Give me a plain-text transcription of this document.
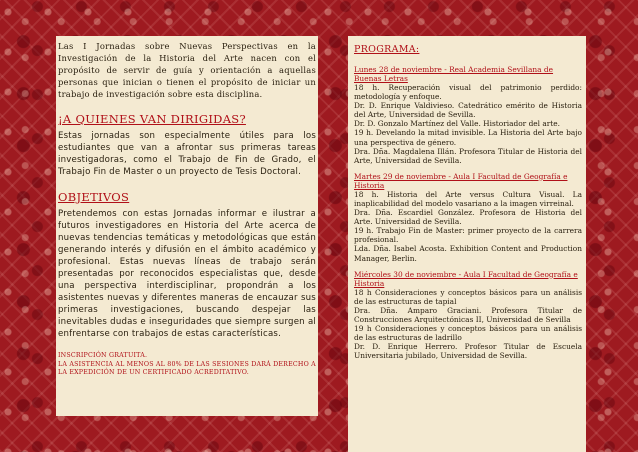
Las I Jornadas sobre Nuevas Perspectivas en la Investigación de la Historia del Arte nacen con el propósito de servir de guía y orientación a aquellas personas que inician o tienen el propósito de iniciar un trabajo de investigación sobre esta disciplina.

¡A QUIENES VAN DIRIGIDAS?

Estas jornadas son especialmente útiles para los estudiantes que van a afrontar sus primeras tareas investigadoras, como el Trabajo de Fin de Grado, el Trabajo Fin de Master o un proyecto de Tesis Doctoral.

OBJETIVOS

Pretendemos con estas Jornadas informar e ilustrar a futuros investigadores en Historia del Arte acerca de nuevas tendencias temáticas y metodológicas que están generando interés y difusión en el ámbito académico y profesional. Estas nuevas líneas de trabajo serán presentadas por reconocidos especialistas que, desde una perspectiva interdisciplinar, propondrán a los asistentes nuevas y diferentes maneras de encauzar sus primeras investigaciones, buscando despejar las inevitables dudas e inseguridades que siempre surgen al enfrentarse con trabajos de estas características.

INSCRIPCIÓN GRATUITA.
LA ASISTENCIA AL MENOS AL 80% DE LAS SESIONES DARÁ DERECHO A
LA EXPEDICIÓN DE UN CERTIFICADO ACREDITATIVO.
PROGRAMA:
Lunes 28 de noviembre - Real Academia Sevillana de Buenas Letras

18 h. Recuperación visual del patrimonio perdido: metodología y enfoque.

Dr. D. Enrique Valdivieso. Catedrático emérito de Historia del Arte, Universidad de Sevilla.

Dr. D. Gonzalo Martínez del Valle. Historiador del arte.

19 h. Develando la mitad invisible. La Historia del Arte bajo una perspectiva de género.

Dra. Dña. Magdalena Illán. Profesora Titular de Historia del Arte, Universidad de Sevilla.

Martes 29 de noviembre - Aula I Facultad de Geografía e Historia

18 h. Historia del Arte versus Cultura Visual. La inaplicabilidad del modelo vasariano a la imagen virreinal.

Dra. Dña. Escardiel González. Profesora de Historia del Arte. Universidad de Sevilla.

19 h. Trabajo Fin de Master: primer proyecto de la carrera profesional.

Lda. Dña. Isabel Acosta. Exhibition Content and Production Manager, Berlin.

Miércoles 30 de noviembre - Aula I Facultad de Geografía e Historia

18 h Consideraciones y conceptos básicos para un análisis de las estructuras de tapial

Dra. Dña. Amparo Graciani. Profesora Titular de Construcciones Arquitectónicas II, Universidad de Sevilla

19 h Consideraciones y conceptos básicos para un análisis de las estructuras de ladrillo

Dr. D. Enrique Herrero. Profesor Titular de Escuela Universitaria jubilado, Universidad de Sevilla.
